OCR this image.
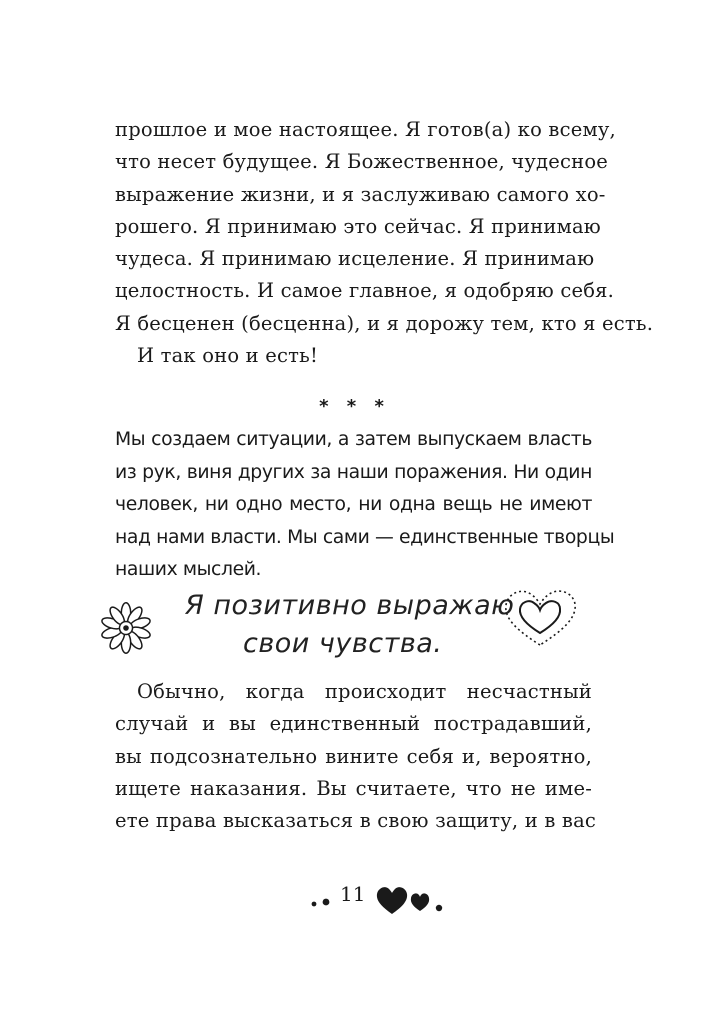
прошлое и мое настоящее. Я готов(а) ко всему,
что несет будущее. Я Божественное, чудесное
выражение жизни, и я заслуживаю самого хо-
рошего. Я принимаю это сейчас. Я принимаю
чудеса. Я принимаю исцеление. Я принимаю
целостность. И самое главное, я одобряю себя.
Я бесценен (бесценна), и я дорожу тем, кто я есть.
И так оно и есть!
* * *
Мы создаем ситуации, а затем выпускаем власть
из рук, виня других за наши поражения. Ни один
человек, ни одно место, ни одна вещь не имеют
над нами власти. Мы сами — единственные творцы
наших мыслей.
Я позитивно выражаю
свои чувства.
Обычно, когда происходит несчастный
случай и вы единственный пострадавший,
вы подсознательно вините себя и, вероятно,
ищете наказания. Вы считаете, что не име-
ете права высказаться в свою защиту, и в вас
11
